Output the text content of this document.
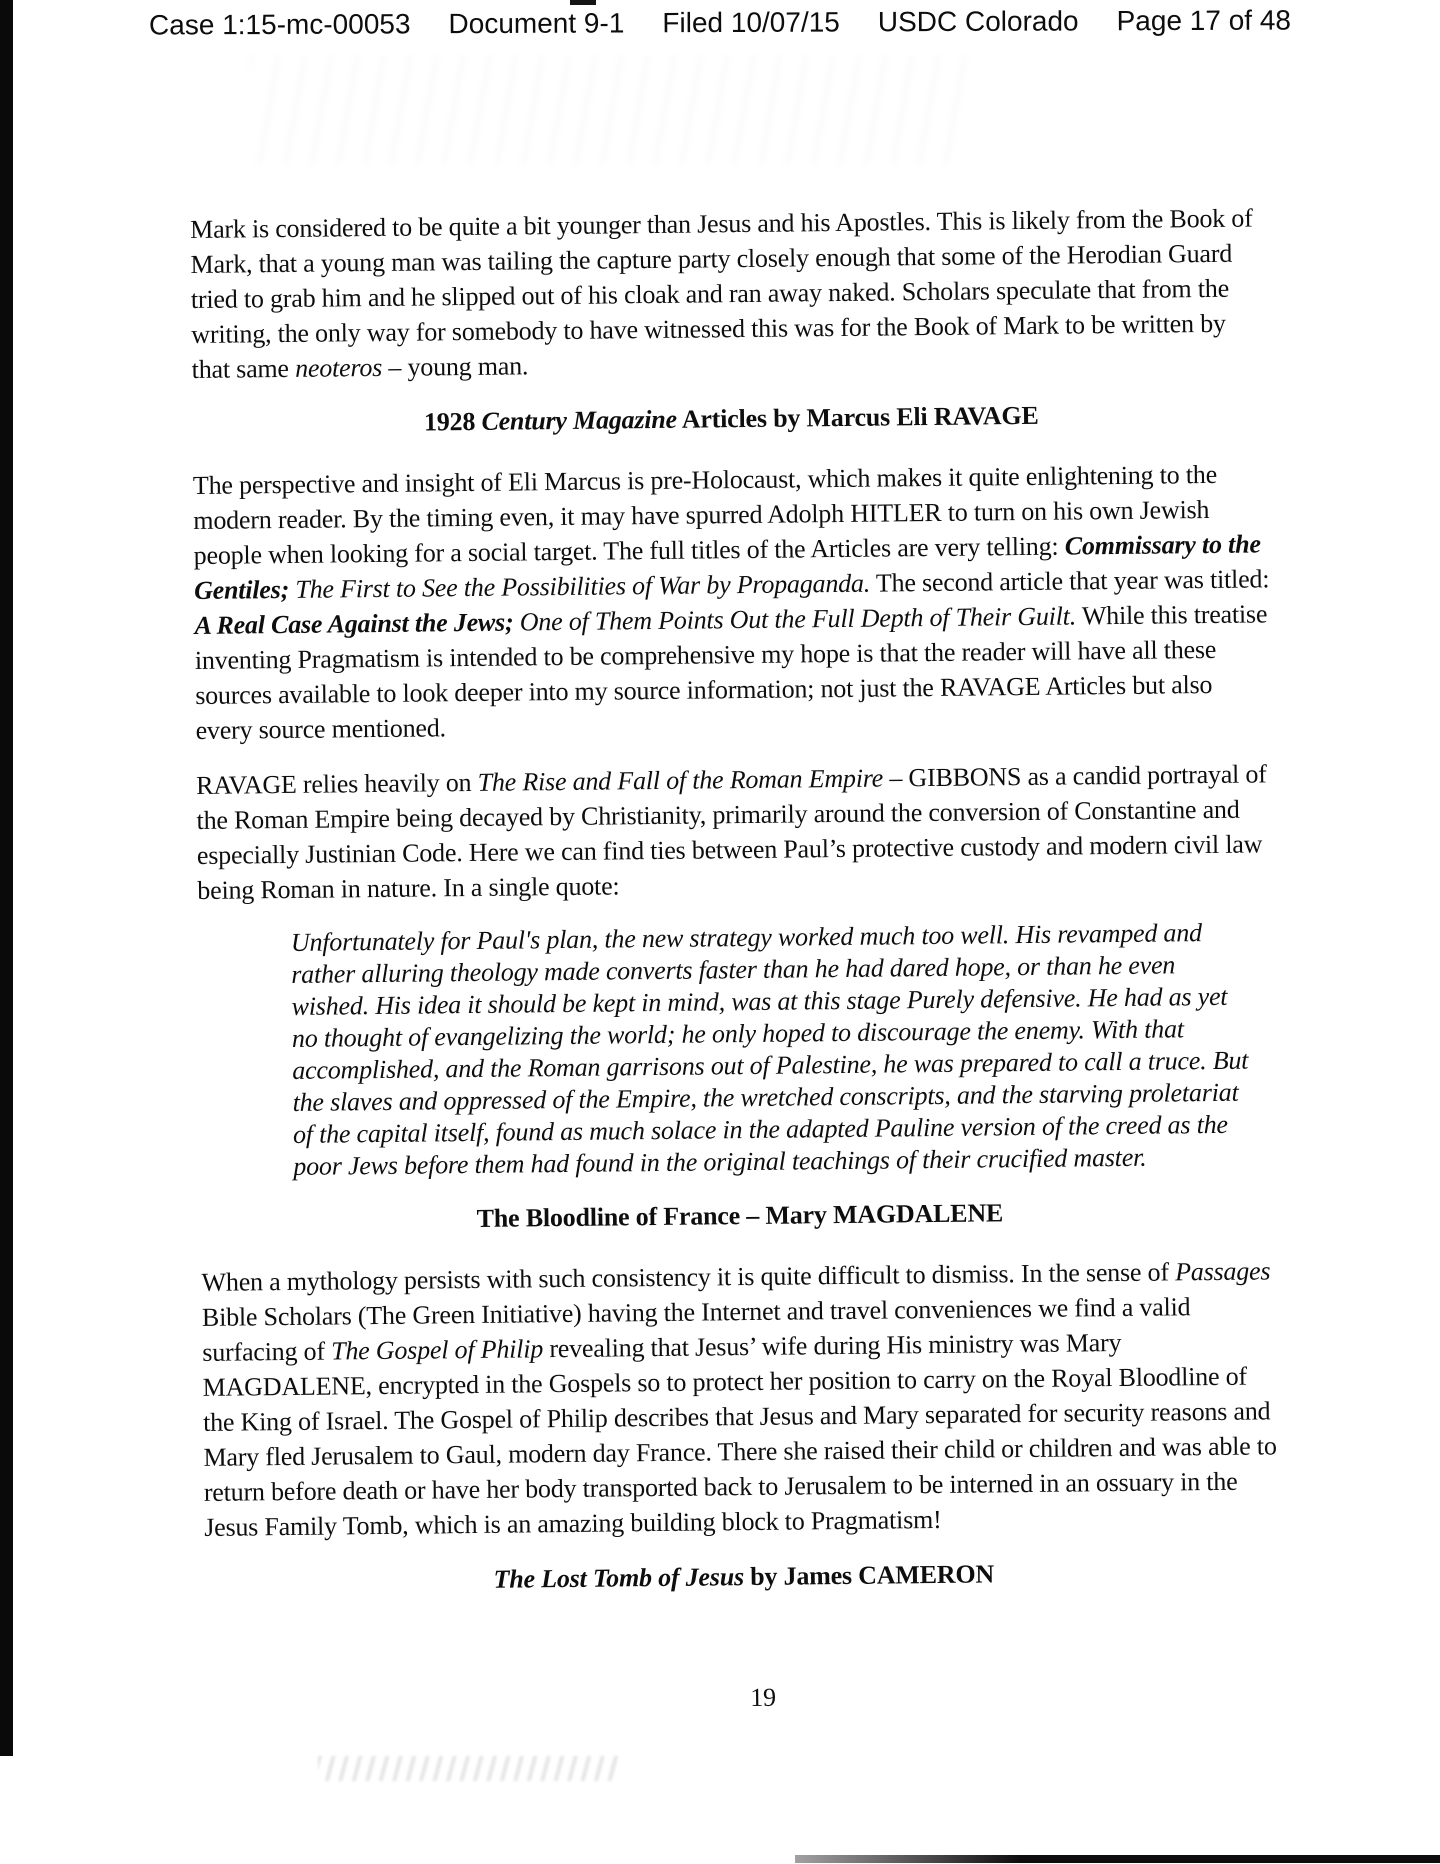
Case 1:15-mc-00053 Document 9-1 Filed 10/07/15 USDC Colorado Page 17 of 48

Mark is considered to be quite a bit younger than Jesus and his Apostles. This is likely from the Book of Mark, that a young man was tailing the capture party closely enough that some of the Herodian Guard tried to grab him and he slipped out of his cloak and ran away naked. Scholars speculate that from the writing, the only way for somebody to have witnessed this was for the Book of Mark to be written by that same neoteros – young man.

1928 Century Magazine Articles by Marcus Eli RAVAGE

The perspective and insight of Eli Marcus is pre-Holocaust, which makes it quite enlightening to the modern reader. By the timing even, it may have spurred Adolph HITLER to turn on his own Jewish people when looking for a social target. The full titles of the Articles are very telling: Commissary to the Gentiles; The First to See the Possibilities of War by Propaganda. The second article that year was titled: A Real Case Against the Jews; One of Them Points Out the Full Depth of Their Guilt. While this treatise inventing Pragmatism is intended to be comprehensive my hope is that the reader will have all these sources available to look deeper into my source information; not just the RAVAGE Articles but also every source mentioned.

RAVAGE relies heavily on The Rise and Fall of the Roman Empire – GIBBONS as a candid portrayal of the Roman Empire being decayed by Christianity, primarily around the conversion of Constantine and especially Justinian Code. Here we can find ties between Paul’s protective custody and modern civil law being Roman in nature. In a single quote:

Unfortunately for Paul's plan, the new strategy worked much too well. His revamped and rather alluring theology made converts faster than he had dared hope, or than he even wished. His idea it should be kept in mind, was at this stage Purely defensive. He had as yet no thought of evangelizing the world; he only hoped to discourage the enemy. With that accomplished, and the Roman garrisons out of Palestine, he was prepared to call a truce. But the slaves and oppressed of the Empire, the wretched conscripts, and the starving proletariat of the capital itself, found as much solace in the adapted Pauline version of the creed as the poor Jews before them had found in the original teachings of their crucified master.
The Bloodline of France – Mary MAGDALENE

When a mythology persists with such consistency it is quite difficult to dismiss. In the sense of Passages Bible Scholars (The Green Initiative) having the Internet and travel conveniences we find a valid surfacing of The Gospel of Philip revealing that Jesus’ wife during His ministry was Mary MAGDALENE, encrypted in the Gospels so to protect her position to carry on the Royal Bloodline of the King of Israel. The Gospel of Philip describes that Jesus and Mary separated for security reasons and Mary fled Jerusalem to Gaul, modern day France. There she raised their child or children and was able to return before death or have her body transported back to Jerusalem to be interned in an ossuary in the Jesus Family Tomb, which is an amazing building block to Pragmatism!

The Lost Tomb of Jesus by James CAMERON
19
